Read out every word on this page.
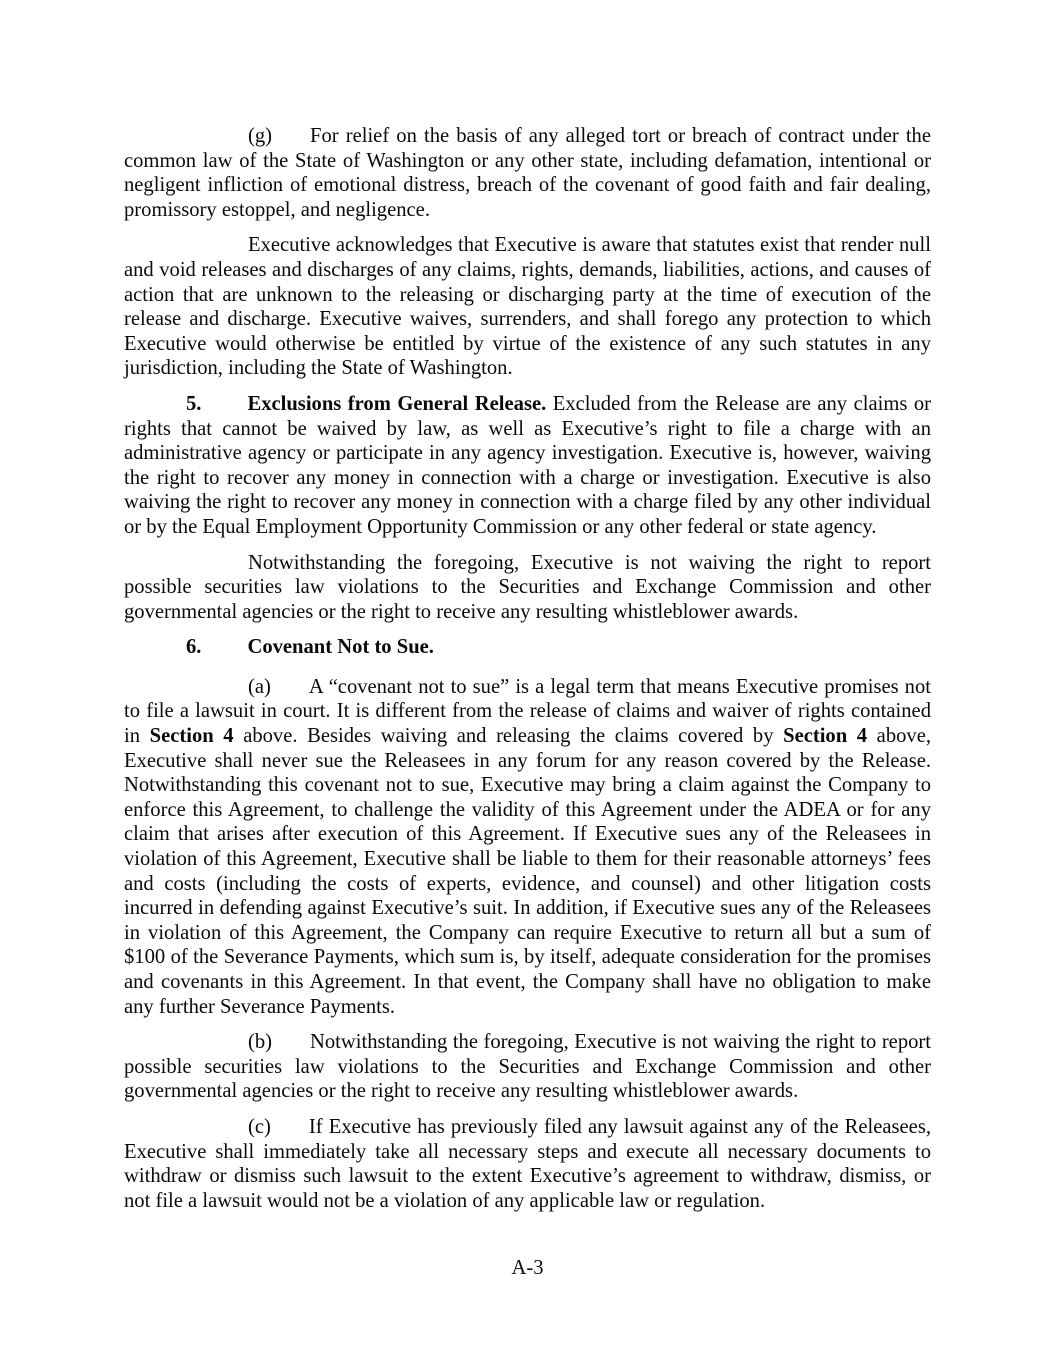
(g) For relief on the basis of any alleged tort or breach of contract under the common law of the State of Washington or any other state, including defamation, intentional or negligent infliction of emotional distress, breach of the covenant of good faith and fair dealing, promissory estoppel, and negligence.

Executive acknowledges that Executive is aware that statutes exist that render null and void releases and discharges of any claims, rights, demands, liabilities, actions, and causes of action that are unknown to the releasing or discharging party at the time of execution of the release and discharge. Executive waives, surrenders, and shall forego any protection to which Executive would otherwise be entitled by virtue of the existence of any such statutes in any jurisdiction, including the State of Washington.

5. Exclusions from General Release. Excluded from the Release are any claims or rights that cannot be waived by law, as well as Executive’s right to file a charge with an administrative agency or participate in any agency investigation. Executive is, however, waiving the right to recover any money in connection with a charge or investigation. Executive is also waiving the right to recover any money in connection with a charge filed by any other individual or by the Equal Employment Opportunity Commission or any other federal or state agency.

Notwithstanding the foregoing, Executive is not waiving the right to report possible securities law violations to the Securities and Exchange Commission and other governmental agencies or the right to receive any resulting whistleblower awards.

6. Covenant Not to Sue.

(a) A “covenant not to sue” is a legal term that means Executive promises not to file a lawsuit in court. It is different from the release of claims and waiver of rights contained in Section 4 above. Besides waiving and releasing the claims covered by Section 4 above, Executive shall never sue the Releasees in any forum for any reason covered by the Release. Notwithstanding this covenant not to sue, Executive may bring a claim against the Company to enforce this Agreement, to challenge the validity of this Agreement under the ADEA or for any claim that arises after execution of this Agreement. If Executive sues any of the Releasees in violation of this Agreement, Executive shall be liable to them for their reasonable attorneys’ fees and costs (including the costs of experts, evidence, and counsel) and other litigation costs incurred in defending against Executive’s suit. In addition, if Executive sues any of the Releasees in violation of this Agreement, the Company can require Executive to return all but a sum of $100 of the Severance Payments, which sum is, by itself, adequate consideration for the promises and covenants in this Agreement. In that event, the Company shall have no obligation to make any further Severance Payments.

(b) Notwithstanding the foregoing, Executive is not waiving the right to report possible securities law violations to the Securities and Exchange Commission and other governmental agencies or the right to receive any resulting whistleblower awards.

(c) If Executive has previously filed any lawsuit against any of the Releasees, Executive shall immediately take all necessary steps and execute all necessary documents to withdraw or dismiss such lawsuit to the extent Executive’s agreement to withdraw, dismiss, or not file a lawsuit would not be a violation of any applicable law or regulation.

A-3
